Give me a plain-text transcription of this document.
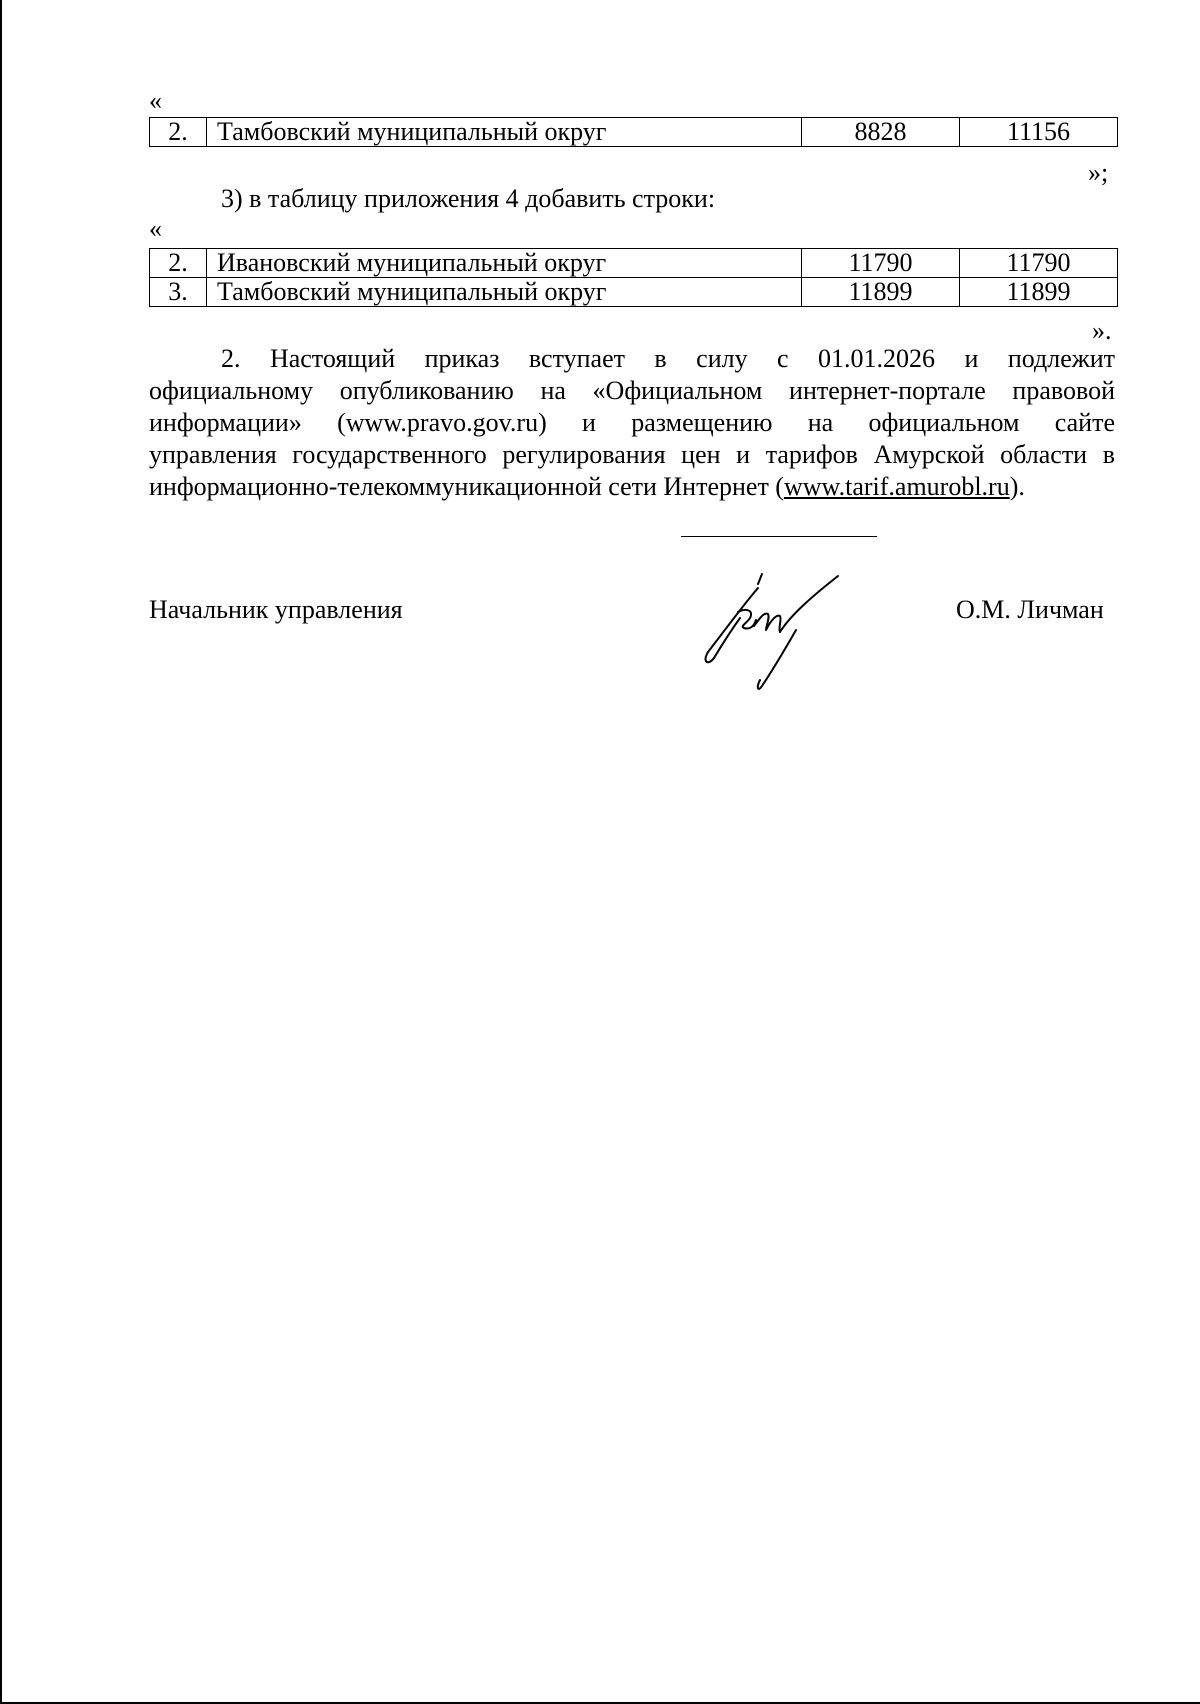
«
2.	Тамбовский муниципальный округ	8828	11156
»;
3) в таблицу приложения 4 добавить строки:
«
2.	Ивановский муниципальный округ	11790	11790
3.	Тамбовский муниципальный округ	11899	11899
».
2. Настоящий приказ вступает в силу с 01.01.2026 и подлежит
официальному опубликованию на «Официальном интернет-портале правовой
информации» (www.pravo.gov.ru) и размещению на официальном сайте
управления государственного регулирования цен и тарифов Амурской области в
информационно-телекоммуникационной сети Интернет (www.tarif.amurobl.ru).
Начальник управления	О.М. Личман
